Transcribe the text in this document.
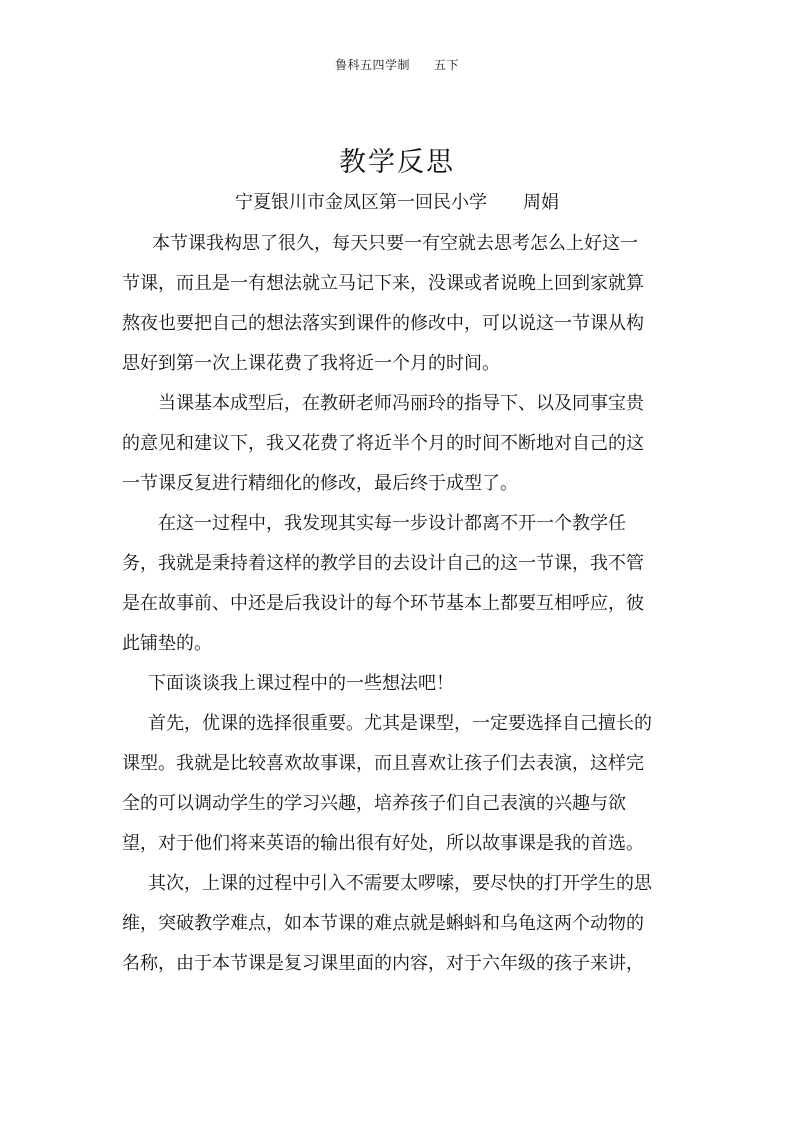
鲁科五四学制 五下
教学反思
宁夏银川市金凤区第一回民小学 周娟

本节课我构思了很久，每天只要一有空就去思考怎么上好这一
节课，而且是一有想法就立马记下来，没课或者说晚上回到家就算
熬夜也要把自己的想法落实到课件的修改中，可以说这一节课从构
思好到第一次上课花费了我将近一个月的时间。

当课基本成型后，在教研老师冯丽玲的指导下、以及同事宝贵
的意见和建议下，我又花费了将近半个月的时间不断地对自己的这
一节课反复进行精细化的修改，最后终于成型了。

在这一过程中，我发现其实每一步设计都离不开一个教学任
务，我就是秉持着这样的教学目的去设计自己的这一节课，我不管
是在故事前、中还是后我设计的每个环节基本上都要互相呼应，彼
此铺垫的。

下面谈谈我上课过程中的一些想法吧！

首先，优课的选择很重要。尤其是课型，一定要选择自己擅长的
课型。我就是比较喜欢故事课，而且喜欢让孩子们去表演，这样完
全的可以调动学生的学习兴趣，培养孩子们自己表演的兴趣与欲
望，对于他们将来英语的输出很有好处，所以故事课是我的首选。

其次，上课的过程中引入不需要太啰嗦，要尽快的打开学生的思
维，突破教学难点，如本节课的难点就是蝌蚪和乌龟这两个动物的
名称，由于本节课是复习课里面的内容，对于六年级的孩子来讲，
